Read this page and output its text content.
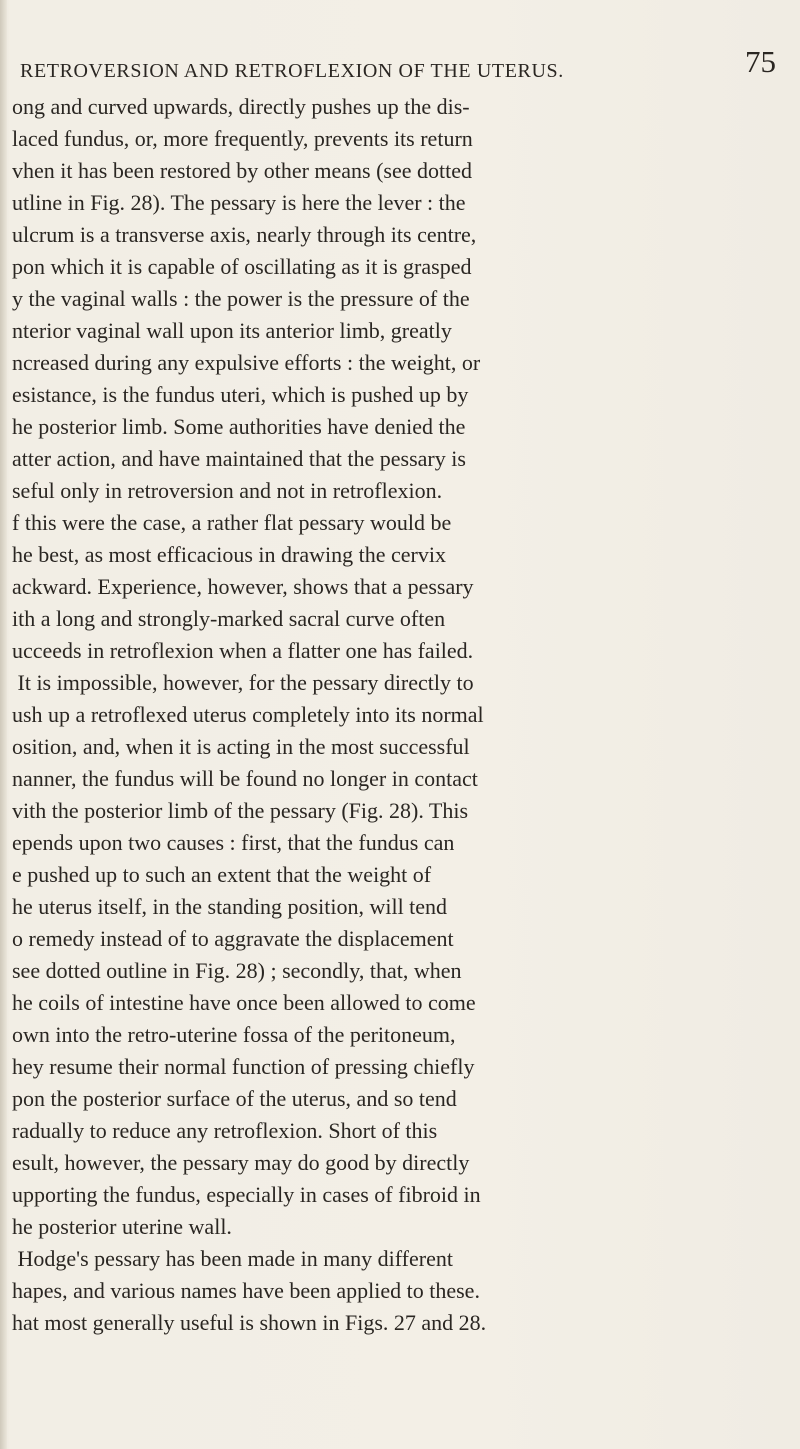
RETROVERSION AND RETROFLEXION OF THE UTERUS.	75
ong and curved upwards, directly pushes up the dis-
laced fundus, or, more frequently, prevents its return
vhen it has been restored by other means (see dotted
utline in Fig. 28). The pessary is here the lever : the
ulcrum is a transverse axis, nearly through its centre,
pon which it is capable of oscillating as it is grasped
y the vaginal walls : the power is the pressure of the
nterior vaginal wall upon its anterior limb, greatly
ncreased during any expulsive efforts : the weight, or
esistance, is the fundus uteri, which is pushed up by
he posterior limb. Some authorities have denied the
atter action, and have maintained that the pessary is
seful only in retroversion and not in retroflexion.
f this were the case, a rather flat pessary would be
he best, as most efficacious in drawing the cervix
ackward. Experience, however, shows that a pessary
ith a long and strongly-marked sacral curve often
ucceeds in retroflexion when a flatter one has failed.
It is impossible, however, for the pessary directly to
ush up a retroflexed uterus completely into its normal
osition, and, when it is acting in the most successful
nanner, the fundus will be found no longer in contact
vith the posterior limb of the pessary (Fig. 28). This
epends upon two causes : first, that the fundus can
e pushed up to such an extent that the weight of
he uterus itself, in the standing position, will tend
o remedy instead of to aggravate the displacement
see dotted outline in Fig. 28) ; secondly, that, when
he coils of intestine have once been allowed to come
own into the retro-uterine fossa of the peritoneum,
hey resume their normal function of pressing chiefly
pon the posterior surface of the uterus, and so tend
radually to reduce any retroflexion. Short of this
esult, however, the pessary may do good by directly
upporting the fundus, especially in cases of fibroid in
he posterior uterine wall.
Hodge's pessary has been made in many different
hapes, and various names have been applied to these.
hat most generally useful is shown in Figs. 27 and 28.
